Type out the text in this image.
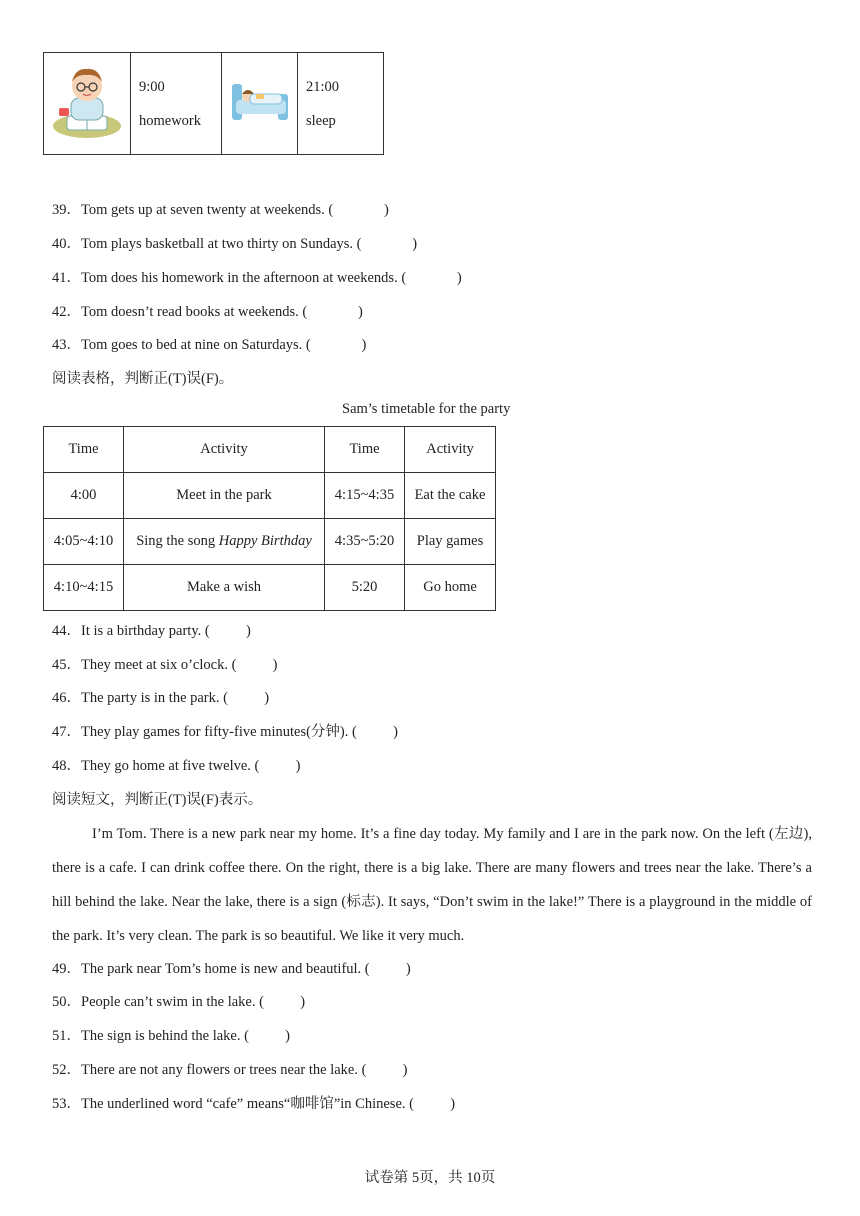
9:00
homework

21:00
sleep
39．Tom gets up at seven twenty at weekends. (              )
40．Tom plays basketball at two thirty on Sundays. (              )
41．Tom does his homework in the afternoon at weekends. (              )
42．Tom doesn’t read books at weekends. (              )
43．Tom goes to bed at nine on Saturdays. (              )
阅读表格，判断正(T)误(F)。
Sam’s timetable for the party
Time	Activity	Time	Activity
4:00	Meet in the park	4:15~4:35	Eat the cake
4:05~4:10	Sing the song Happy Birthday	4:35~5:20	Play games
4:10~4:15	Make a wish	5:20	Go home
44．It is a birthday party. (          )
45．They meet at six o’clock. (          )
46．The party is in the park. (          )
47．They play games for fifty-five minutes(分钟). (          )
48．They go home at five twelve. (          )
阅读短文，判断正(T)误(F)表示。
I’m Tom. There is a new park near my home. It’s a fine day today. My family and I are in the park now. On the left (左边), there is a cafe. I can drink coffee there. On the right, there is a big lake. There are many flowers and trees near the lake. There’s a hill behind the lake. Near the lake, there is a sign (标志). It says, “Don’t swim in the lake!” There is a playground in the middle of the park. It’s very clean. The park is so beautiful. We like it very much.
49．The park near Tom’s home is new and beautiful. (          )
50．People can’t swim in the lake. (          )
51．The sign is behind the lake. (          )
52．There are not any flowers or trees near the lake. (          )
53．The underlined word “cafe” means“咖啡馆”in Chinese. (          )
试卷第 5页，共 10页
